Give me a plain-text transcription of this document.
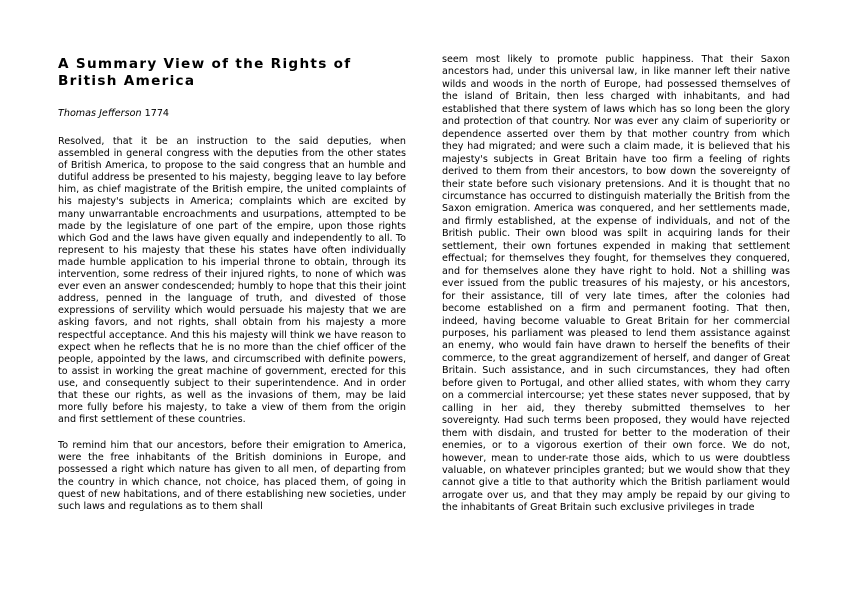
A Summary View of the Rights of British America
Thomas Jefferson 1774

Resolved, that it be an instruction to the said deputies, when assembled in general congress with the deputies from the other states of British America, to propose to the said congress that an humble and dutiful address be presented to his majesty, begging leave to lay before him, as chief magistrate of the British empire, the united complaints of his majesty's subjects in America; complaints which are excited by many unwarrantable encroachments and usurpations, attempted to be made by the legislature of one part of the empire, upon those rights which God and the laws have given equally and independently to all. To represent to his majesty that these his states have often individually made humble application to his imperial throne to obtain, through its intervention, some redress of their injured rights, to none of which was ever even an answer condescended; humbly to hope that this their joint address, penned in the language of truth, and divested of those expressions of servility which would persuade his majesty that we are asking favors, and not rights, shall obtain from his majesty a more respectful acceptance. And this his majesty will think we have reason to expect when he reflects that he is no more than the chief officer of the people, appointed by the laws, and circumscribed with definite powers, to assist in working the great machine of government, erected for this use, and consequently subject to their superintendence. And in order that these our rights, as well as the invasions of them, may be laid more fully before his majesty, to take a view of them from the origin and first settlement of these countries.

To remind him that our ancestors, before their emigration to America, were the free inhabitants of the British dominions in Europe, and possessed a right which nature has given to all men, of departing from the country in which chance, not choice, has placed them, of going in quest of new habitations, and of there establishing new societies, under such laws and regulations as to them shall

seem most likely to promote public happiness. That their Saxon ancestors had, under this universal law, in like manner left their native wilds and woods in the north of Europe, had possessed themselves of the island of Britain, then less charged with inhabitants, and had established that there system of laws which has so long been the glory and protection of that country. Nor was ever any claim of superiority or dependence asserted over them by that mother country from which they had migrated; and were such a claim made, it is believed that his majesty's subjects in Great Britain have too firm a feeling of rights derived to them from their ancestors, to bow down the sovereignty of their state before such visionary pretensions. And it is thought that no circumstance has occurred to distinguish materially the British from the Saxon emigration. America was conquered, and her settlements made, and firmly established, at the expense of individuals, and not of the British public. Their own blood was spilt in acquiring lands for their settlement, their own fortunes expended in making that settlement effectual; for themselves they fought, for themselves they conquered, and for themselves alone they have right to hold. Not a shilling was ever issued from the public treasures of his majesty, or his ancestors, for their assistance, till of very late times, after the colonies had become established on a firm and permanent footing. That then, indeed, having become valuable to Great Britain for her commercial purposes, his parliament was pleased to lend them assistance against an enemy, who would fain have drawn to herself the benefits of their commerce, to the great aggrandizement of herself, and danger of Great Britain. Such assistance, and in such circumstances, they had often before given to Portugal, and other allied states, with whom they carry on a commercial intercourse; yet these states never supposed, that by calling in her aid, they thereby submitted themselves to her sovereignty. Had such terms been proposed, they would have rejected them with disdain, and trusted for better to the moderation of their enemies, or to a vigorous exertion of their own force. We do not, however, mean to under-rate those aids, which to us were doubtless valuable, on whatever principles granted; but we would show that they cannot give a title to that authority which the British parliament would arrogate over us, and that they may amply be repaid by our giving to the inhabitants of Great Britain such exclusive privileges in trade
